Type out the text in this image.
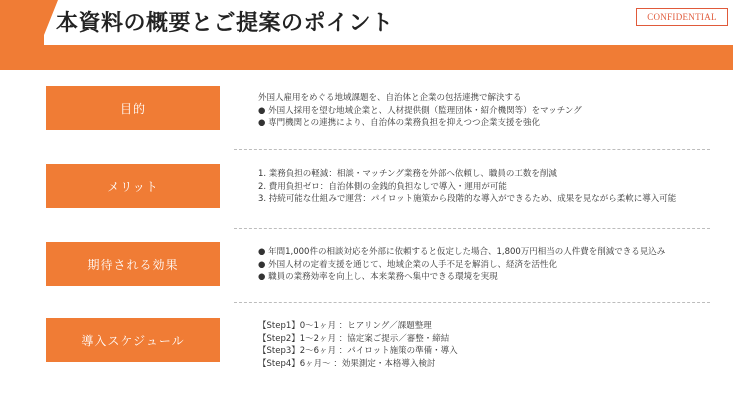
本資料の概要とご提案のポイント	CONFIDENTIAL
目的
外国人雇用をめぐる地域課題を、自治体と企業の包括連携で解決する
● 外国人採用を望む地域企業と、人材提供側（監理団体・紹介機関等）をマッチング
● 専門機関との連携により、自治体の業務負担を抑えつつ企業支援を強化
メリット
1. 業務負担の軽減：相談・マッチング業務を外部へ依頼し、職員の工数を削減
2. 費用負担ゼロ：自治体側の金銭的負担なしで導入・運用が可能
3. 持続可能な仕組みで運営：パイロット施策から段階的な導入ができるため、成果を見ながら柔軟に導入可能
期待される効果
● 年間1,000件の相談対応を外部に依頼すると仮定した場合、1,800万円相当の人件費を削減できる見込み
● 外国人材の定着支援を通じて、地域企業の人手不足を解消し、経済を活性化
● 職員の業務効率を向上し、本来業務へ集中できる環境を実現
導入スケジュール
【Step1】0～1ヶ月 ：ヒアリング／課題整理
【Step2】1～2ヶ月 ：協定案ご提示／審整・締結
【Step3】2～6ヶ月 ：パイロット施策の準備・導入
【Step4】6ヶ月～ ：効果測定・本格導入検討
